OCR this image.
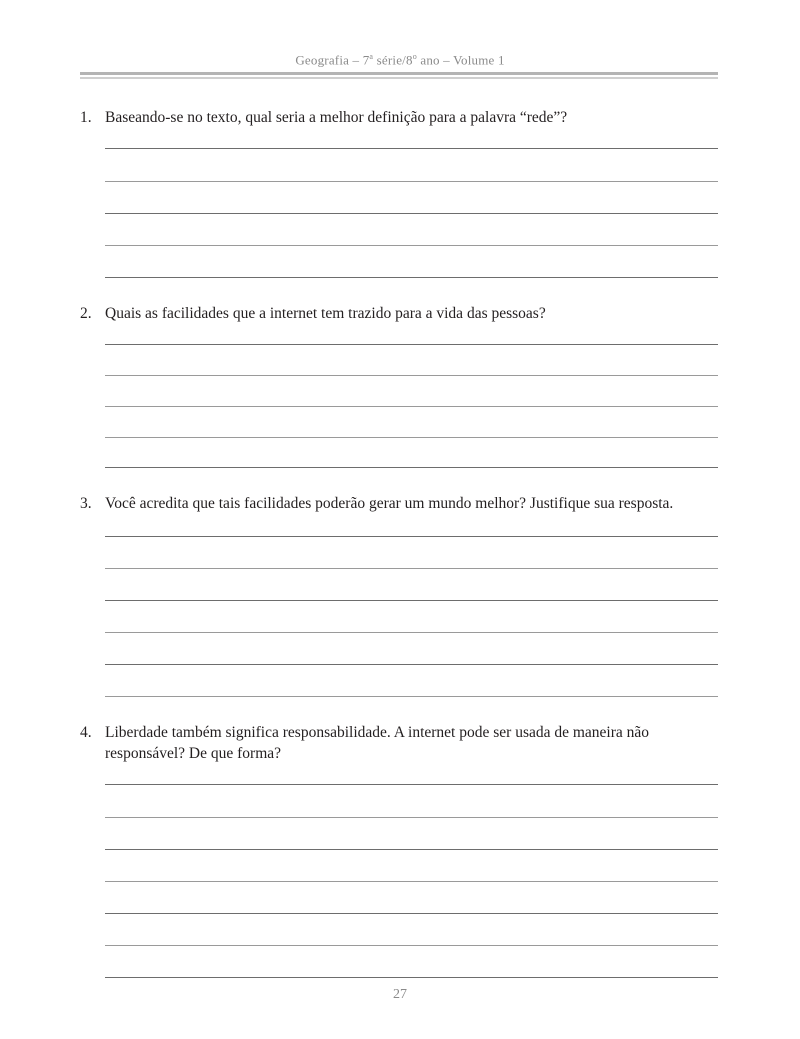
Geografia – 7$^a$ série/8$^o$ ano – Volume 1
1. Baseando-se no texto, qual seria a melhor definição para a palavra “rede”?
2. Quais as facilidades que a internet tem trazido para a vida das pessoas?
3. Você acredita que tais facilidades poderão gerar um mundo melhor? Justifique sua resposta.
4. Liberdade também significa responsabilidade. A internet pode ser usada de maneira não responsável? De que forma?
27
